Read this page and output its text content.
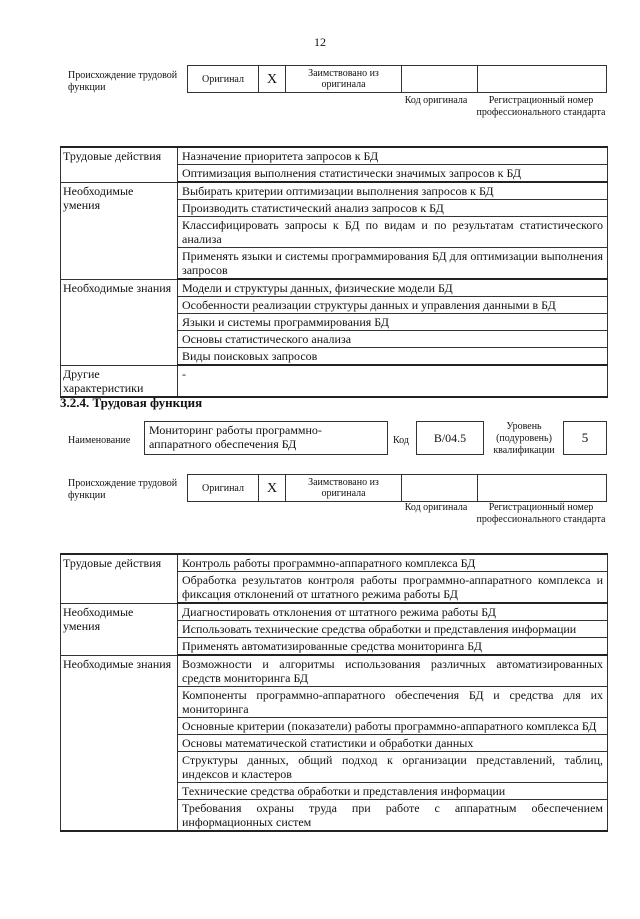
12
Происхождение трудовой функции
Оригинал	X	Заимствовано из оригинала		
Код оригинала	Регистрационный номер профессионального стандарта
Трудовые действия	Назначение приоритета запросов к БД
	Оптимизация выполнения статистически значимых запросов к БД
Необходимые умения	Выбирать критерии оптимизации выполнения запросов к БД
	Производить статистический анализ запросов к БД
	Классифицировать запросы к БД по видам и по результатам статистического анализа
	Применять языки и системы программирования БД для оптимизации выполнения запросов
Необходимые знания	Модели и структуры данных, физические модели БД
	Особенности реализации структуры данных и управления данными в БД
	Языки и системы программирования БД
	Основы статистического анализа
	Виды поисковых запросов
Другие характеристики	-
3.2.4. Трудовая функция
Наименование
Мониторинг работы программно-аппаратного обеспечения БД	Код	B/04.5
Уровень (подуровень) квалификации
5
Происхождение трудовой функции
Оригинал	X	Заимствовано из оригинала		
Код оригинала	Регистрационный номер профессионального стандарта
Трудовые действия	Контроль работы программно-аппаратного комплекса БД
	Обработка результатов контроля работы программно-аппаратного комплекса и фиксация отклонений от штатного режима работы БД
Необходимые умения	Диагностировать отклонения от штатного режима работы БД
	Использовать технические средства обработки и представления информации
	Применять автоматизированные средства мониторинга БД
Необходимые знания	Возможности и алгоритмы использования различных автоматизированных средств мониторинга БД
	Компоненты программно-аппаратного обеспечения БД и средства для их мониторинга
	Основные критерии (показатели) работы программно-аппаратного комплекса БД
	Основы математической статистики и обработки данных
	Структуры данных, общий подход к организации представлений, таблиц, индексов и кластеров
	Технические средства обработки и представления информации
	Требования охраны труда при работе с аппаратным обеспечением информационных систем
